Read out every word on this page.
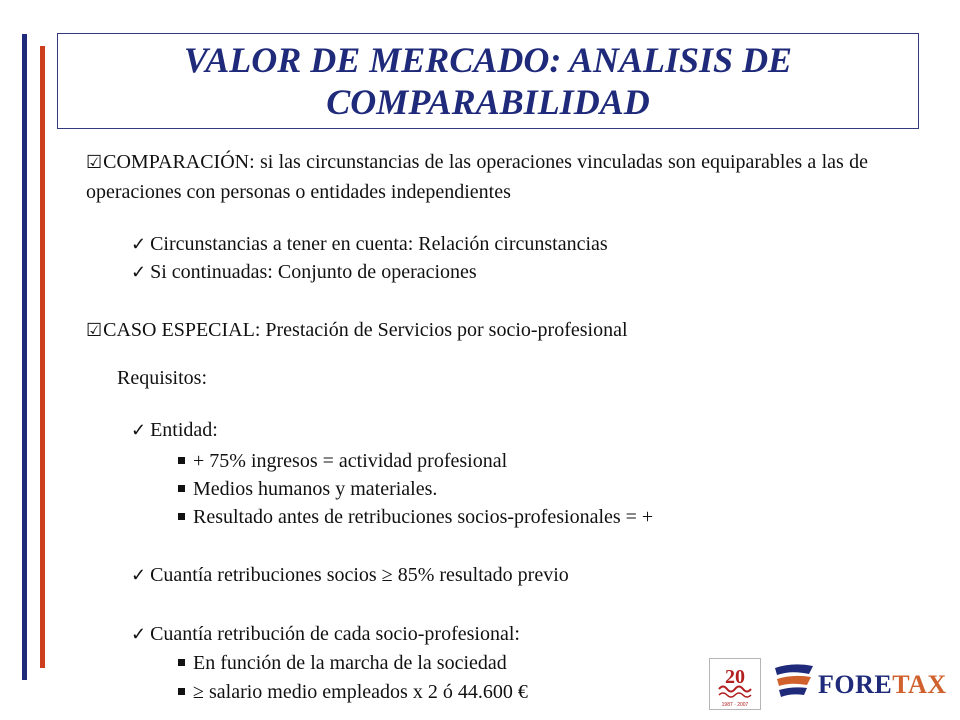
VALOR DE MERCADO: ANALISIS DE
COMPARABILIDAD
☑COMPARACIÓN: si las circunstancias de las operaciones vinculadas son equiparables a las de operaciones con personas o entidades independientes
✓ Circunstancias a tener en cuenta: Relación circunstancias
✓ Si continuadas: Conjunto de operaciones
☑CASO ESPECIAL: Prestación de Servicios por socio-profesional
Requisitos:
✓ Entidad:
+ 75% ingresos = actividad profesional
Medios humanos y materiales.
Resultado antes de retribuciones socios-profesionales = +
✓ Cuantía retribuciones socios ≥ 85% resultado previo
✓ Cuantía retribución de cada socio-profesional:
En función de la marcha de la sociedad
≥ salario medio empleados x 2 ó 44.600 €
20
1987 · 2007
FORETAX
